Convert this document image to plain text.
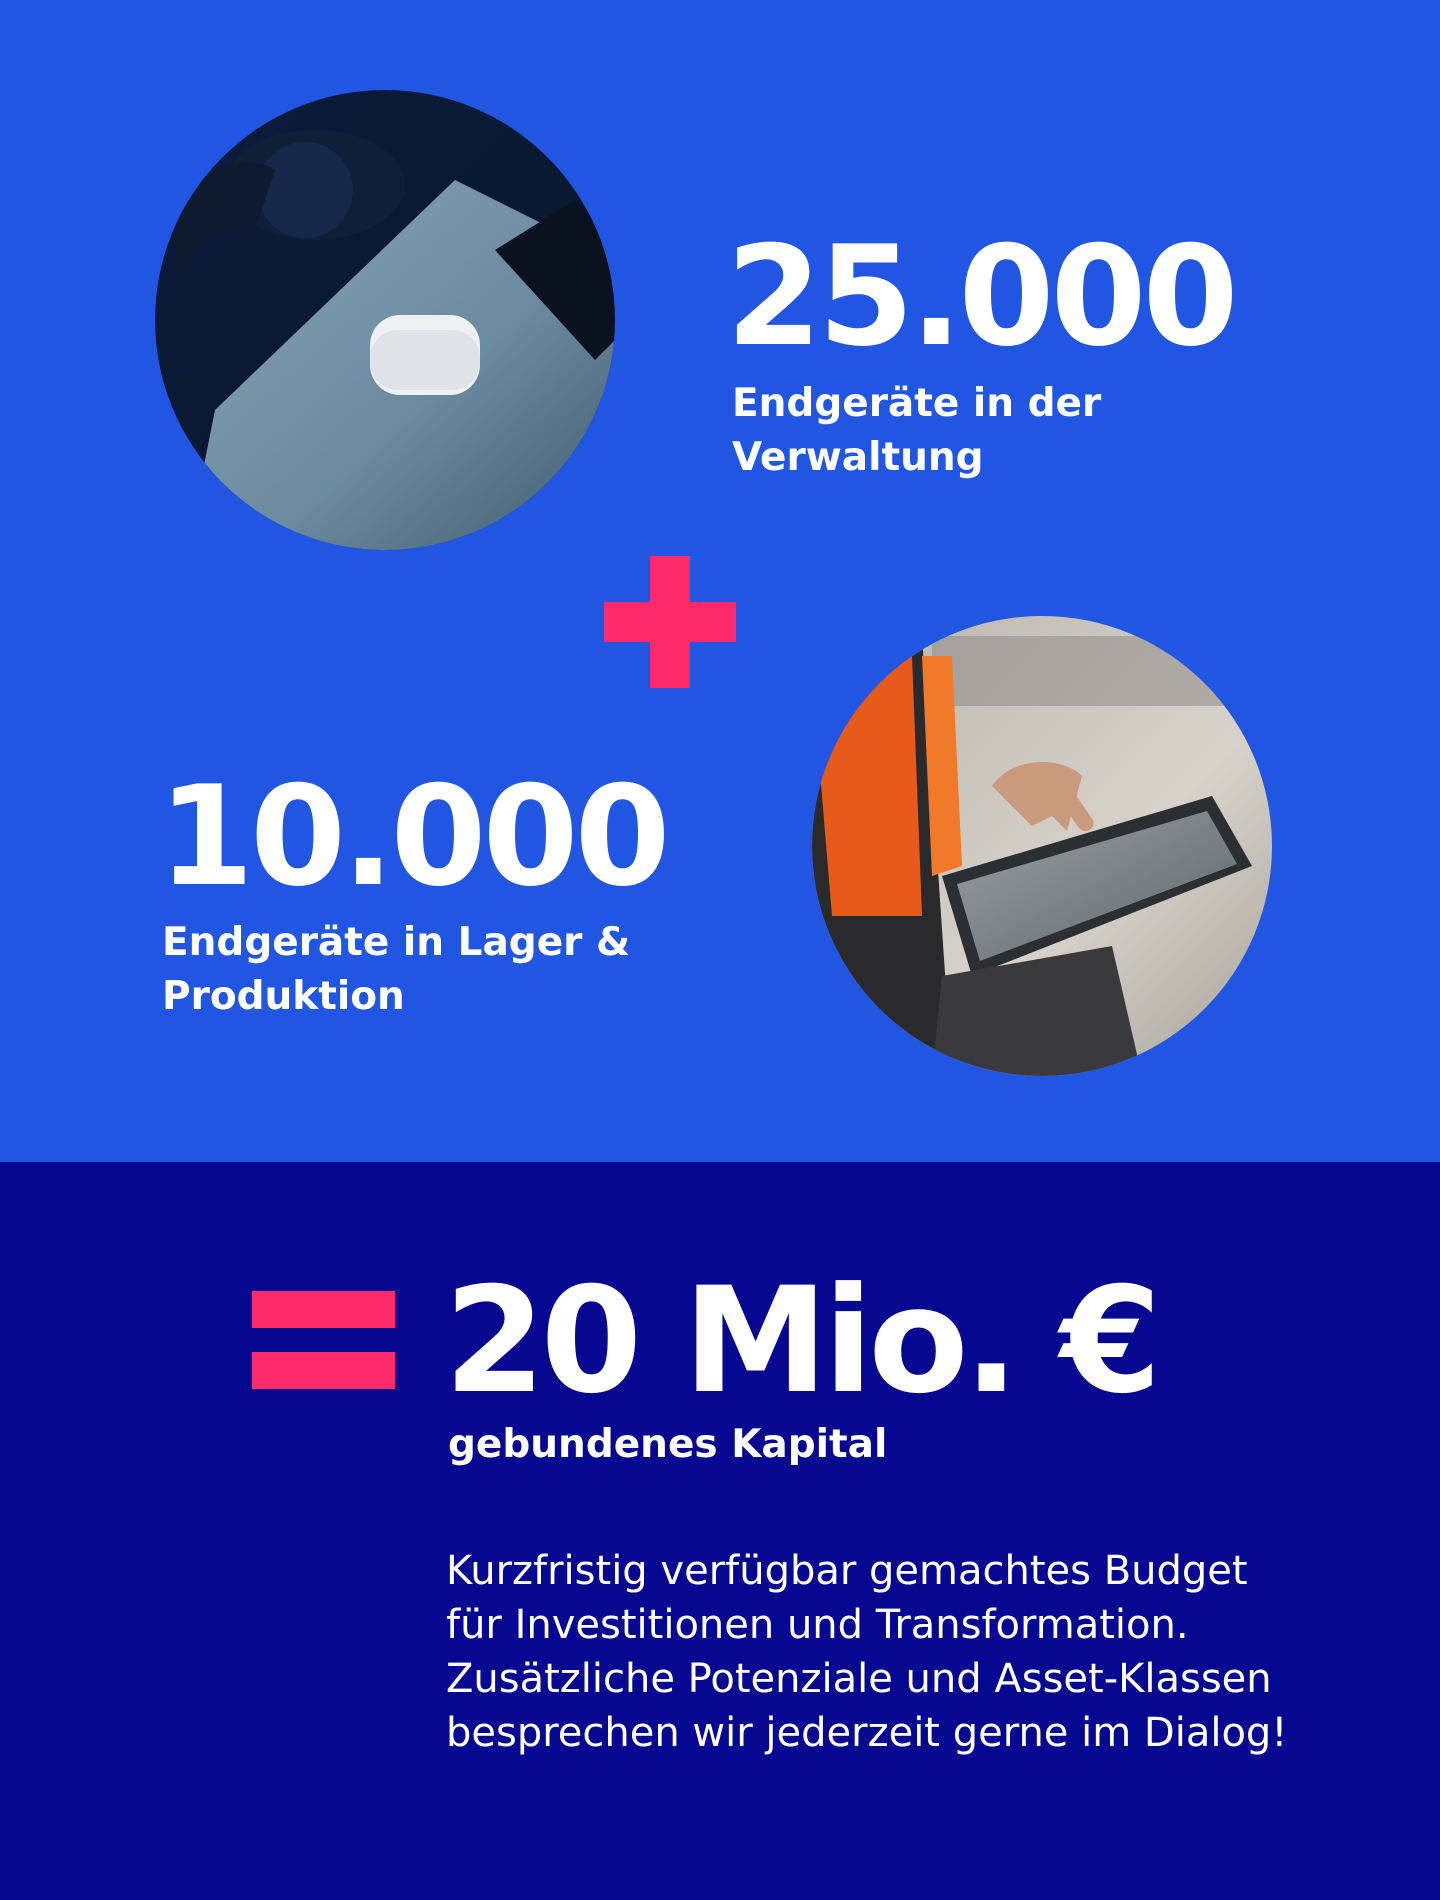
25.000
Endgeräte in der
Verwaltung
10.000
Endgeräte in Lager &
Produktion
20 Mio. €
gebundenes Kapital
Kurzfristig verfügbar gemachtes Budget
für Investitionen und Transformation.
Zusätzliche Potenziale und Asset-Klassen
besprechen wir jederzeit gerne im Dialog!
